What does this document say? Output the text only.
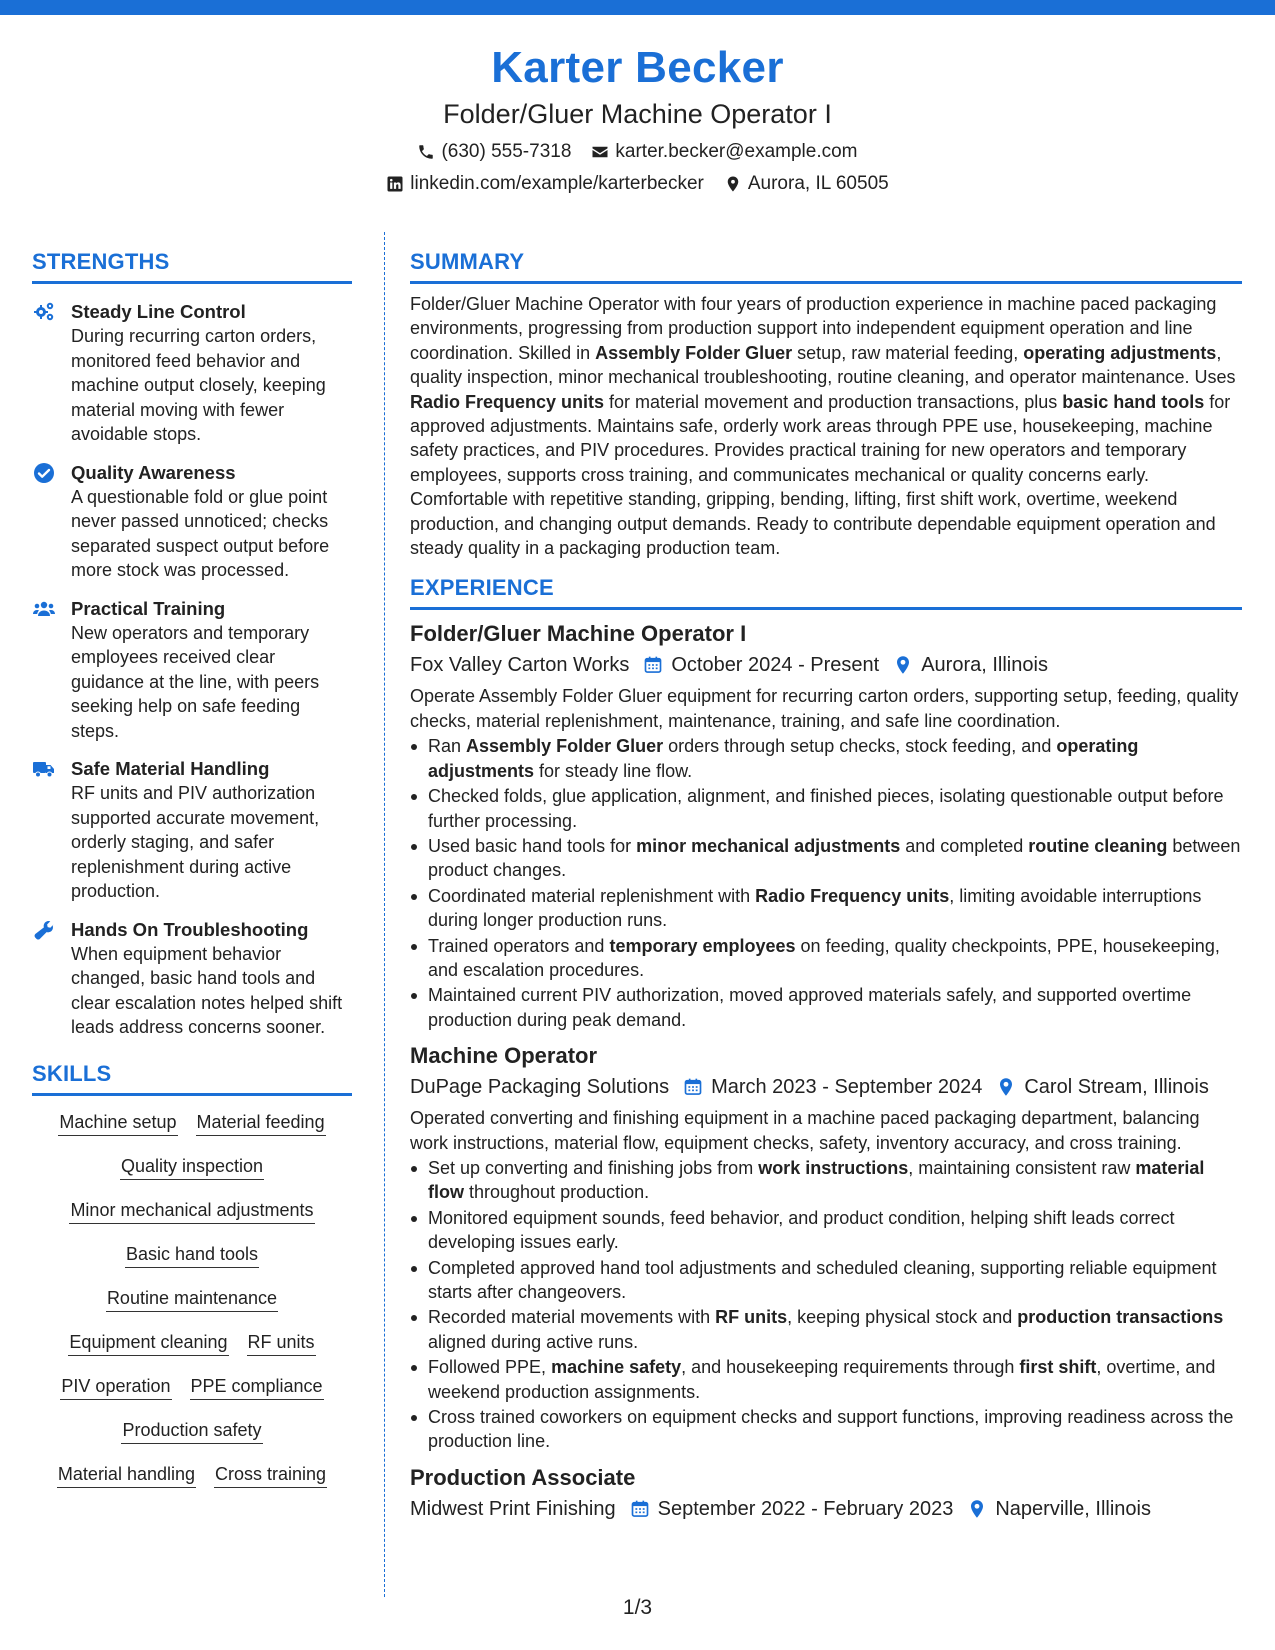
Karter Becker
Folder/Gluer Machine Operator I
(630) 555-7318 karter.becker@example.com
linkedin.com/example/karterbecker Aurora, IL 60505
STRENGTHS
Steady Line Control
During recurring carton orders, monitored feed behavior and machine output closely, keeping material moving with fewer avoidable stops.
Quality Awareness
A questionable fold or glue point never passed unnoticed; checks separated suspect output before more stock was processed.
Practical Training
New operators and temporary employees received clear guidance at the line, with peers seeking help on safe feeding steps.
Safe Material Handling
RF units and PIV authorization supported accurate movement, orderly staging, and safer replenishment during active production.
Hands On Troubleshooting
When equipment behavior changed, basic hand tools and clear escalation notes helped shift leads address concerns sooner.
SKILLS
Machine setup Material feeding
Quality inspection
Minor mechanical adjustments
Basic hand tools
Routine maintenance
Equipment cleaning RF units
PIV operation PPE compliance
Production safety
Material handling Cross training
SUMMARY
Folder/Gluer Machine Operator with four years of production experience in machine paced packaging environments, progressing from production support into independent equipment operation and line coordination. Skilled in Assembly Folder Gluer setup, raw material feeding, operating adjustments, quality inspection, minor mechanical troubleshooting, routine cleaning, and operator maintenance. Uses Radio Frequency units for material movement and production transactions, plus basic hand tools for approved adjustments. Maintains safe, orderly work areas through PPE use, housekeeping, machine safety practices, and PIV procedures. Provides practical training for new operators and temporary employees, supports cross training, and communicates mechanical or quality concerns early. Comfortable with repetitive standing, gripping, bending, lifting, first shift work, overtime, weekend production, and changing output demands. Ready to contribute dependable equipment operation and steady quality in a packaging production team.
EXPERIENCE
Folder/Gluer Machine Operator I
Fox Valley Carton Works October 2024 - Present Aurora, Illinois
Operate Assembly Folder Gluer equipment for recurring carton orders, supporting setup, feeding, quality checks, material replenishment, maintenance, training, and safe line coordination.
Ran Assembly Folder Gluer orders through setup checks, stock feeding, and operating adjustments for steady line flow.
Checked folds, glue application, alignment, and finished pieces, isolating questionable output before further processing.
Used basic hand tools for minor mechanical adjustments and completed routine cleaning between product changes.
Coordinated material replenishment with Radio Frequency units, limiting avoidable interruptions during longer production runs.
Trained operators and temporary employees on feeding, quality checkpoints, PPE, housekeeping, and escalation procedures.
Maintained current PIV authorization, moved approved materials safely, and supported overtime production during peak demand.
Machine Operator
DuPage Packaging Solutions March 2023 - September 2024 Carol Stream, Illinois
Operated converting and finishing equipment in a machine paced packaging department, balancing work instructions, material flow, equipment checks, safety, inventory accuracy, and cross training.
Set up converting and finishing jobs from work instructions, maintaining consistent raw material flow throughout production.
Monitored equipment sounds, feed behavior, and product condition, helping shift leads correct developing issues early.
Completed approved hand tool adjustments and scheduled cleaning, supporting reliable equipment starts after changeovers.
Recorded material movements with RF units, keeping physical stock and production transactions aligned during active runs.
Followed PPE, machine safety, and housekeeping requirements through first shift, overtime, and weekend production assignments.
Cross trained coworkers on equipment checks and support functions, improving readiness across the production line.
Production Associate
Midwest Print Finishing September 2022 - February 2023 Naperville, Illinois
1/3
